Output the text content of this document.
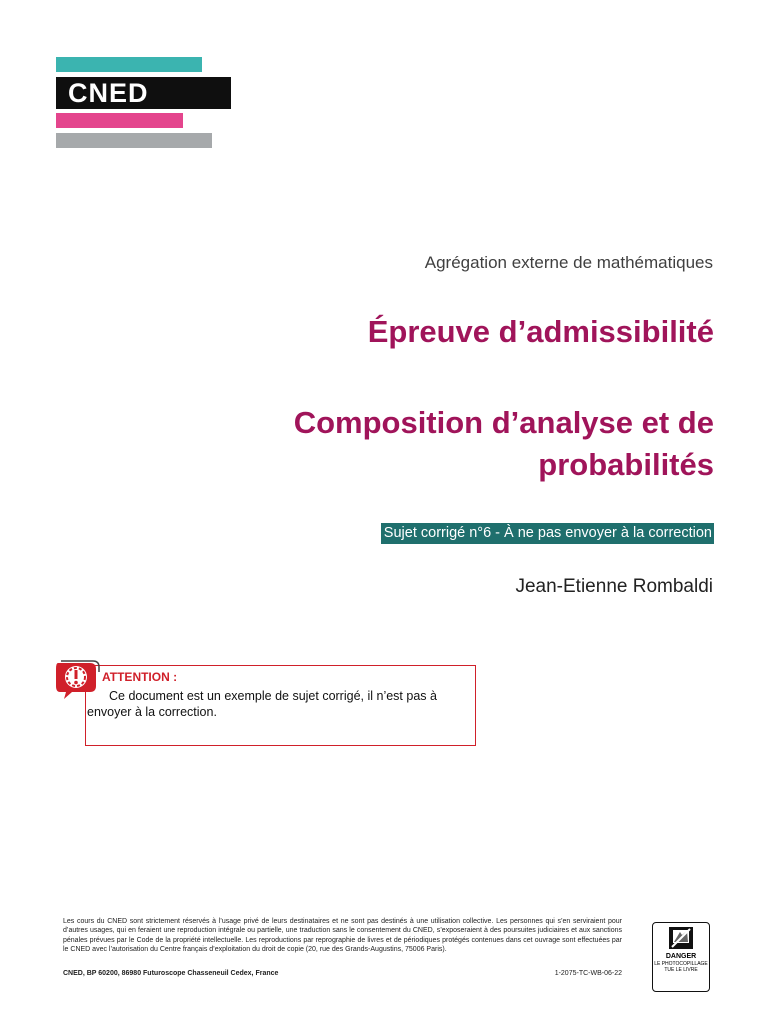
CNED
Agrégation externe de mathématiques
Épreuve d’admissibilité
Composition d’analyse et de probabilités
Sujet corrigé n°6 - À ne pas envoyer à la correction
Jean-Etienne Rombaldi
ATTENTION :
Ce document est un exemple de sujet corrigé, il n’est pas à envoyer à la correction.
Les cours du CNED sont strictement réservés à l’usage privé de leurs destinataires et ne sont pas destinés à une utilisation collective. Les personnes qui s’en serviraient pour d’autres usages, qui en feraient une reproduction intégrale ou partielle, une traduction sans le consentement du CNED, s’exposeraient à des poursuites judiciaires et aux sanctions pénales prévues par le Code de la propriété intellectuelle. Les reproductions par reprographie de livres et de périodiques protégés contenues dans cet ouvrage sont effectuées par le CNED avec l’autorisation du Centre français d’exploitation du droit de copie (20, rue des Grands-Augustins, 75006 Paris).
CNED, BP 60200, 86980 Futuroscope Chasseneuil Cedex, France	1-2075-TC-WB-06-22
DANGER
LE PHOTOCOPILLAGE TUE LE LIVRE
